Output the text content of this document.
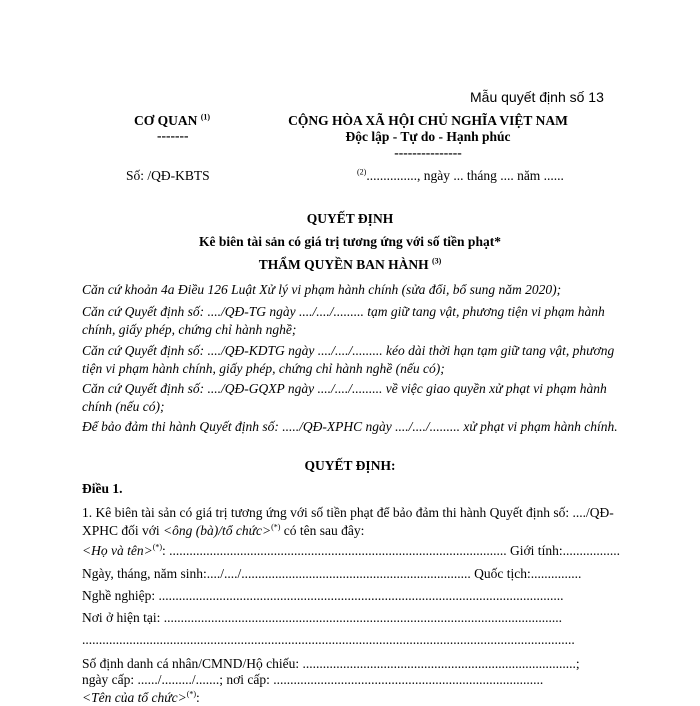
Mẫu quyết định số 13
CƠ QUAN $^{(1)}$
-------
CỘNG HÒA XÃ HỘI CHỦ NGHĨA VIỆT NAM
Độc lập - Tự do - Hạnh phúc
---------------
Số: /QĐ-KBTS	$^{(2)}$..............., ngày ... tháng .... năm ......
QUYẾT ĐỊNH
Kê biên tài sản có giá trị tương ứng với số tiền phạt*
THẨM QUYỀN BAN HÀNH $^{(3)}$
Căn cứ khoản 4a Điều 126 Luật Xử lý vi phạm hành chính (sửa đổi, bổ sung năm 2020);
Căn cứ Quyết định số: ..../QĐ-TG ngày ..../..../......... tạm giữ tang vật, phương tiện vi phạm hành chính, giấy phép, chứng chỉ hành nghề;
Căn cứ Quyết định số: ..../QĐ-KDTG ngày ..../..../......... kéo dài thời hạn tạm giữ tang vật, phương tiện vi phạm hành chính, giấy phép, chứng chỉ hành nghề (nếu có);
Căn cứ Quyết định số: ..../QĐ-GQXP ngày ..../..../......... về việc giao quyền xử phạt vi phạm hành chính (nếu có);
Để bảo đảm thi hành Quyết định số: ...../QĐ-XPHC ngày ..../..../......... xử phạt vi phạm hành chính.
QUYẾT ĐỊNH:
Điều 1.
1. Kê biên tài sản có giá trị tương ứng với số tiền phạt để bảo đảm thi hành Quyết định số: ..../QĐ-XPHC đối với <ông (bà)/tổ chức>(*) có tên sau đây:
<Họ và tên>(*): .................................................................................................... Giới tính:.................
Ngày, tháng, năm sinh:..../..../.................................................................... Quốc tịch:...............
Nghề nghiệp: ........................................................................................................................
Nơi ở hiện tại: ......................................................................................................................
..................................................................................................................................................
Số định danh cá nhân/CMND/Hộ chiếu: .................................................................................;
ngày cấp: ....../........./.......; nơi cấp: ................................................................................
<Tên của tổ chức>(*):
